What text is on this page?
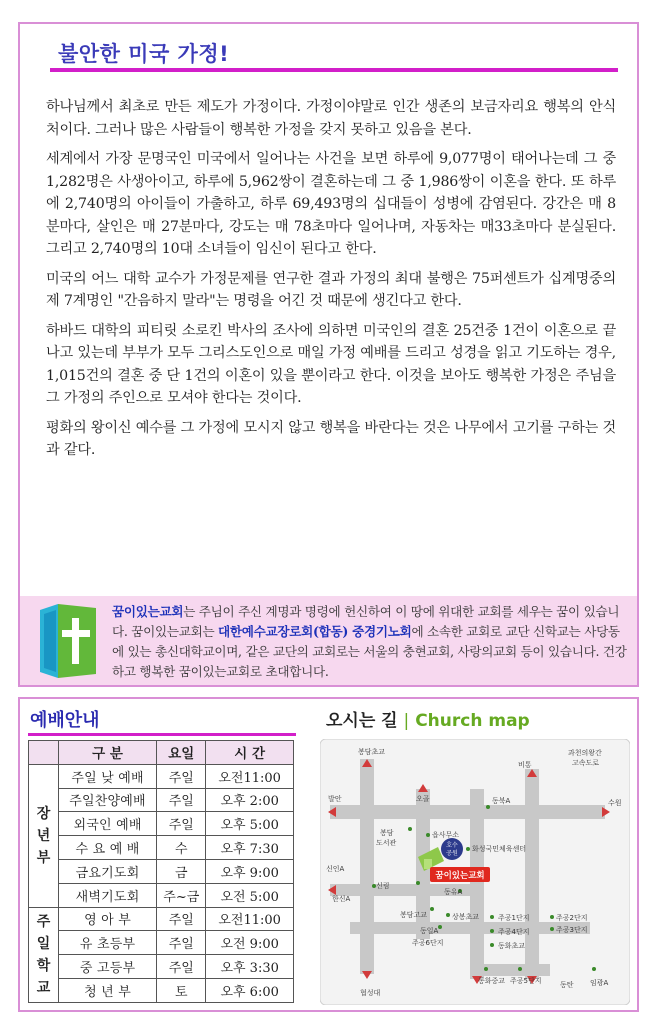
불안한 미국 가정!

하나님께서 최초로 만든 제도가 가정이다. 가정이야말로 인간 생존의 보금자리요 행복의 안식처이다. 그러나 많은 사람들이 행복한 가정을 갖지 못하고 있음을 본다.

세계에서 가장 문명국인 미국에서 일어나는 사건을 보면 하루에 9,077명이 태어나는데 그 중 1,282명은 사생아이고, 하루에 5,962쌍이 결혼하는데 그 중 1,986쌍이 이혼을 한다. 또 하루에 2,740명의 아이들이 가출하고, 하루 69,493명의 십대들이 성병에 감염된다. 강간은 매 8분마다, 살인은 매 27분마다, 강도는 매 78초마다 일어나며, 자동차는 매33초마다 분실된다. 그리고 2,740명의 10대 소녀들이 임신이 된다고 한다.

미국의 어느 대학 교수가 가정문제를 연구한 결과 가정의 최대 불행은 75퍼센트가 십계명중의 제 7계명인 "간음하지 말라"는 명령을 어긴 것 때문에 생긴다고 한다.

하바드 대학의 피티릿 소로킨 박사의 조사에 의하면 미국인의 결혼 25건중 1건이 이혼으로 끝나고 있는데 부부가 모두 그리스도인으로 매일 가정 예배를 드리고 성경을 읽고 기도하는 경우, 1,015건의 결혼 중 단 1건의 이혼이 있을 뿐이라고 한다. 이것을 보아도 행복한 가정은 주님을 그 가정의 주인으로 모셔야 한다는 것이다.

평화의 왕이신 예수를 그 가정에 모시지 않고 행복을 바란다는 것은 나무에서 고기를 구하는 것과 같다.

꿈이있는교회는 주님이 주신 계명과 명령에 헌신하여 이 땅에 위대한 교회를 세우는 꿈이 있습니다. 꿈이있는교회는 대한예수교장로회(합동) 중경기노회에 소속한 교회로 교단 신학교는 사당동에 있는 총신대학교이며, 같은 교단의 교회로는 서울의 충현교회, 사랑의교회 등이 있습니다. 건강하고 행복한 꿈이있는교회로 초대합니다.
예배안내
	구 분	요일	시 간
장
년
부	주일 낮 예배	주일	오전11:00
	주일찬양예배	주일	오후 2:00
	외국인 예배	주일	오후 5:00
	수 요 예 배	수	오후 7:30
	금요기도회	금	오후 9:00
	새벽기도회	주~금	오전 5:00
주
일
학
교	영 아 부	주일	오전11:00
	유 초등부	주일	오전 9:00
	중 고등부	주일	오후 3:30
	청 년 부	토	오후 6:00
오시는 길 | Church map
호수
공원
꿈이있는교회
봉담초교
비통
과천의왕간
고속도로
발안	수원
오골	동북A
봉담
도서관
읍사무소
화성국민체육센터
신인A
신림
동유A
한신A
봉담고교	상봉초교
동일A
주공6단지
주공1단지
주공4단지
동화초교
주공2단지
주공3단지
동화중교 주공5단지	동탄 임광A
협성대
